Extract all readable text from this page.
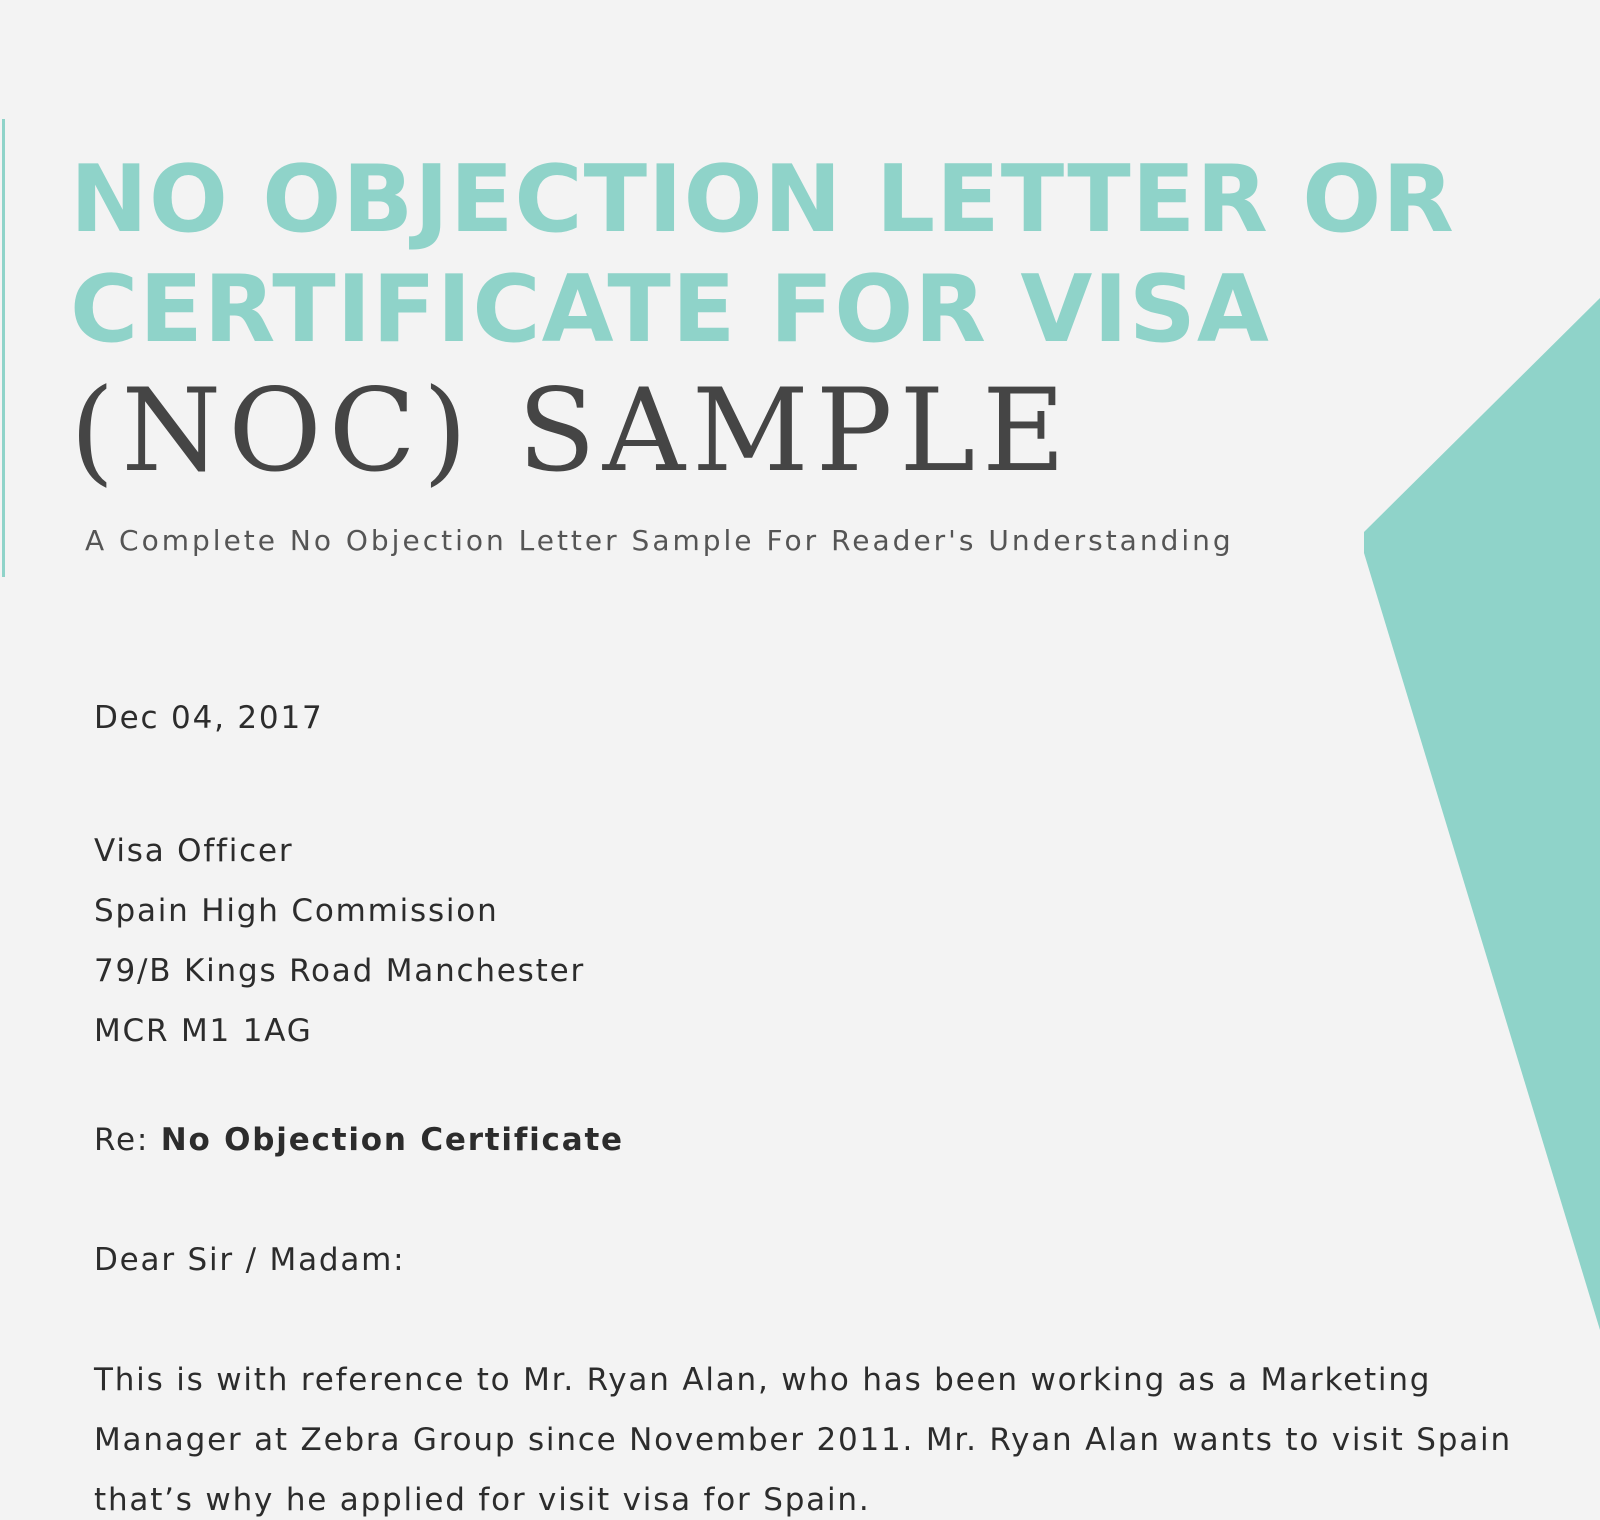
NO OBJECTION LETTER OR
CERTIFICATE FOR VISA
(NOC) SAMPLE

A Complete No Objection Letter Sample For Reader's Understanding

Dec 04, 2017

Visa Officer
Spain High Commission
79/B Kings Road Manchester
MCR M1 1AG

Re: No Objection Certificate

Dear Sir / Madam:

This is with reference to Mr. Ryan Alan, who has been working as a Marketing Manager at Zebra Group since November 2011. Mr. Ryan Alan wants to visit Spain that’s why he applied for visit visa for Spain.
